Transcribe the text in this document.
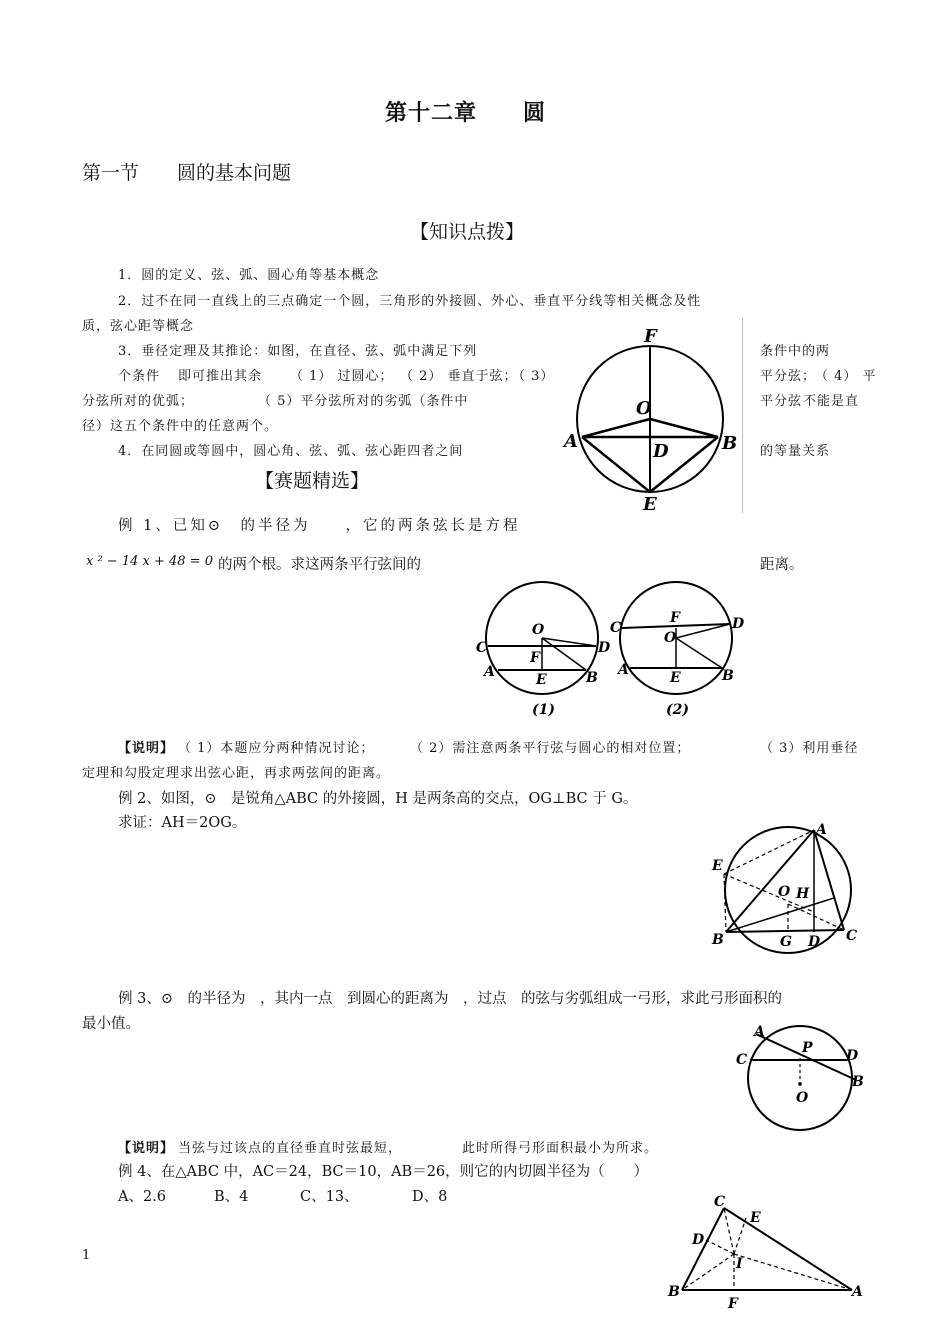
第十二章　　圆
第一节　　圆的基本问题
【知识点拨】
1．圆的定义、弦、弧、圆心角等基本概念
2．过不在同一直线上的三点确定一个圆，三角形的外接圆、外心、垂直平分线等相关概念及性
质，弦心距等概念
3．垂径定理及其推论：如图，在直径、弦、弧中满足下列	条件中的两
个条件 即可推出其余 （ 1） 过圆心； （ 2） 垂直于弦；
（ 3）	平分弦；
（ 4） 平
分弦所对的优弧；	（ 5）平分弦所对的劣弧（条件中	平分弦 不能是直
径）这五个条件中的任意两个。
4．在同圆或等圆中，圆心角、弦、弧、弦心距四者之间	的等量关系
F
O
A	D	B
E
【赛题精选】
例 1、已知⊙　的半径为　　，它的两条弦长是方程
x ² − 14 x + 48 = 0 的两个根。求这两条平行弦间的	距离。
O
C	D
F
A	E	B
(1)
F
O
C	D
A	E	B
(2)
【说明】 （ 1）本题应分两种情况讨论；	（ 2）需注意两条平行弦与圆心的相对位置；	（ 3）利用垂径
定理和勾股定理求出弦心距，再求两弦间的距离。
例 2、如图，⊙　是锐角△ABC 的外接圆，H 是两条高的交点，OG⊥BC 于 G。
求证：AH＝2OG。	A
E
O H
B	G D C
例 3、⊙　的半径为　，其内一点　到圆心的距离为　，过点　的弦与劣弧组成一弓形，求此弓形面积的
最小值。	A
P
C	D
B
O
【说明】 当弦与过该点的直径垂直时弦最短，	此时所得弓形面积最小为所求。
例 4、在△ABC 中，AC＝24，BC＝10，AB＝26，则它的内切圆半径为（　　）
A、2.6	B、4	C、13、	D、8	C
E
D
I
B
F
A
1
